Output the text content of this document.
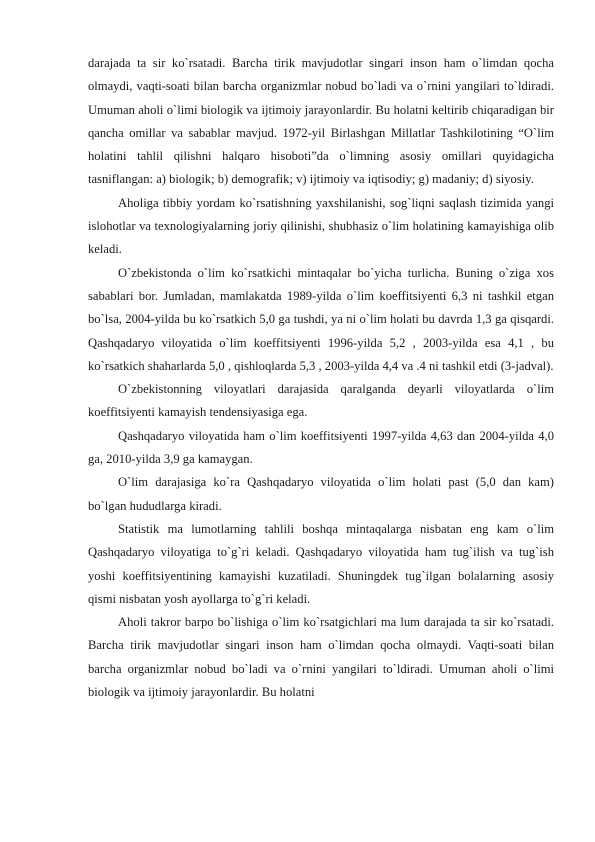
darajada ta sir ko`rsatadi. Barcha tirik mavjudotlar singari inson ham o`limdan qocha olmaydi, vaqti-soati bilan barcha organizmlar nobud bo`ladi va o`rnini yangilari to`ldiradi. Umuman aholi o`limi biologik va ijtimoiy jarayonlardir. Bu holatni keltirib chiqaradigan bir qancha omillar va sabablar mavjud. 1972-yil Birlashgan Millatlar Tashkilotining “O`lim holatini tahlil qilishni halqaro hisoboti”da o`limning asosiy omillari quyidagicha tasniflangan: a) biologik; b) demografik; v) ijtimoiy va iqtisodiy; g) madaniy; d) siyosiy.

Aholiga tibbiy yordam ko`rsatishning yaxshilanishi, sog`liqni saqlash tizimida yangi islohotlar va texnologiyalarning joriy qilinishi, shubhasiz o`lim holatining kamayishiga olib keladi.

O`zbekistonda o`lim ko`rsatkichi mintaqalar bo`yicha turlicha. Buning o`ziga xos sabablari bor. Jumladan, mamlakatda 1989-yilda o`lim koeffitsiyenti 6,3 ni tashkil etgan bo`lsa, 2004-yilda bu ko`rsatkich 5,0 ga tushdi, ya ni o`lim holati bu davrda 1,3 ga qisqardi. Qashqadaryo viloyatida o`lim koeffitsiyenti 1996-yilda 5,2 , 2003-yilda esa 4,1 , bu ko`rsatkich shaharlarda 5,0 , qishloqlarda 5,3 , 2003-yilda 4,4 va .4 ni tashkil etdi (3-jadval).

O`zbekistonning viloyatlari darajasida qaralganda deyarli viloyatlarda o`lim koeffitsiyenti kamayish tendensiyasiga ega.

Qashqadaryo viloyatida ham o`lim koeffitsiyenti 1997-yilda 4,63 dan 2004-yilda 4,0 ga, 2010-yilda 3,9 ga kamaygan.

O`lim darajasiga ko`ra Qashqadaryo viloyatida o`lim holati past (5,0 dan kam) bo`lgan hududlarga kiradi.

Statistik ma lumotlarning tahlili boshqa mintaqalarga nisbatan eng kam o`lim Qashqadaryo viloyatiga to`g`ri keladi. Qashqadaryo viloyatida ham tug`ilish va tug`ish yoshi koeffitsiyentining kamayishi kuzatiladi. Shuningdek tug`ilgan bolalarning asosiy qismi nisbatan yosh ayollarga to`g`ri keladi.

Aholi takror barpo bo`lishiga o`lim ko`rsatgichlari ma lum darajada ta sir ko`rsatadi. Barcha tirik mavjudotlar singari inson ham o`limdan qocha olmaydi. Vaqti-soati bilan barcha organizmlar nobud bo`ladi va o`rnini yangilari to`ldiradi. Umuman aholi o`limi biologik va ijtimoiy jarayonlardir. Bu holatni
